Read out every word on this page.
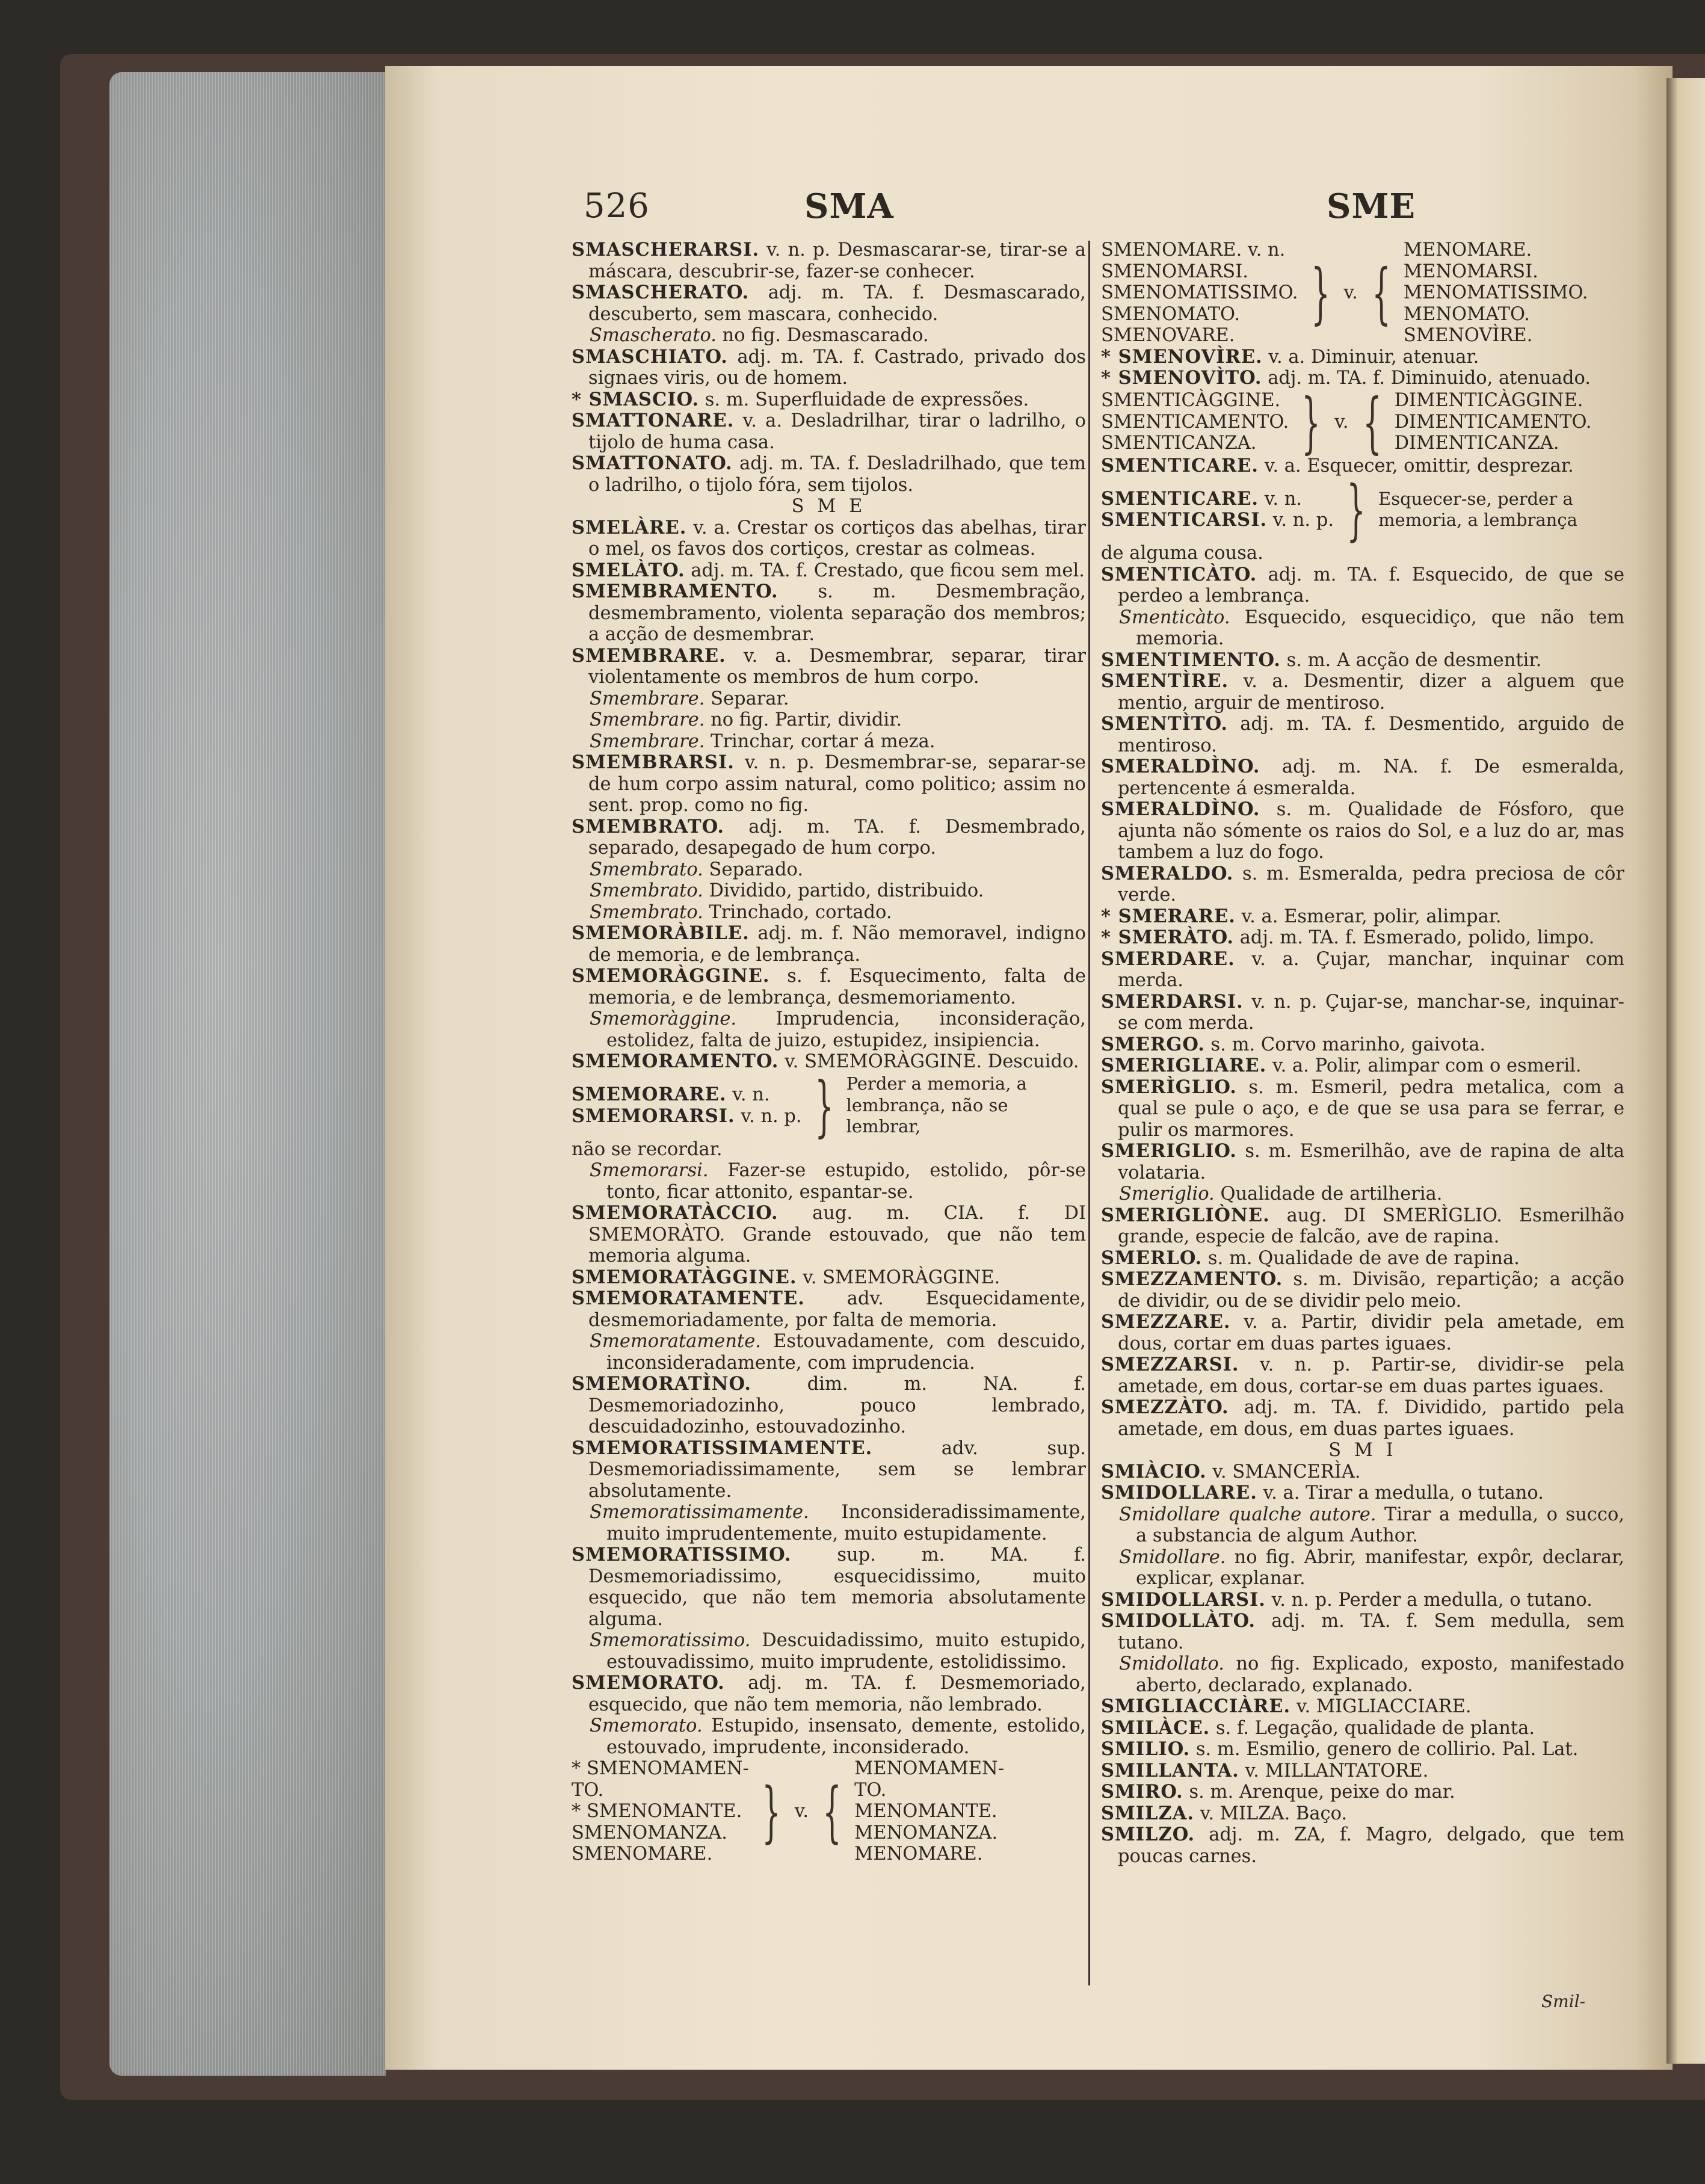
526	SMA	SME

SMASCHERARSI. v. n. p. Desmascarar-se, tirar-se a máscara, descubrir-se, fazer-se conhecer.

SMASCHERATO. adj. m. TA. f. Desmascarado, descuberto, sem mascara, conhecido.

Smascherato. no fig. Desmascarado.

SMASCHIATO. adj. m. TA. f. Castrado, privado dos signaes viris, ou de homem.

* SMASCIO. s. m. Superfluidade de expressões.

SMATTONARE. v. a. Desladrilhar, tirar o ladrilho, o tijolo de huma casa.

SMATTONATO. adj. m. TA. f. Desladrilhado, que tem o ladrilho, o tijolo fóra, sem tijolos.

S M E

SMELÀRE. v. a. Crestar os cortiços das abelhas, tirar o mel, os favos dos cortiços, crestar as colmeas.

SMELÀTO. adj. m. TA. f. Crestado, que ficou sem mel.

SMEMBRAMENTO. s. m. Desmembração, desmembramento, violenta separação dos membros; a acção de desmembrar.

SMEMBRARE. v. a. Desmembrar, separar, tirar violentamente os membros de hum corpo.

Smembrare. Separar.

Smembrare. no fig. Partir, dividir.

Smembrare. Trinchar, cortar á meza.

SMEMBRARSI. v. n. p. Desmembrar-se, separar-se de hum corpo assim natural, como politico; assim no sent. prop. como no fig.

SMEMBRATO. adj. m. TA. f. Desmembrado, separado, desapegado de hum corpo.

Smembrato. Separado.

Smembrato. Dividido, partido, distribuido.

Smembrato. Trinchado, cortado.

SMEMORÀBILE. adj. m. f. Não memoravel, indigno de memoria, e de lembrança.

SMEMORÀGGINE. s. f. Esquecimento, falta de memoria, e de lembrança, desmemoriamento.

Smemoràggine. Imprudencia, inconsideração, estolidez, falta de juizo, estupidez, insipiencia.

SMEMORAMENTO. v. SMEMORÀGGINE. Descuido.

SMEMORARE. v. n.
SMEMORARSI. v. n. p. } Perder a memoria, a lembrança, não se lembrar,

não se recordar.

Smemorarsi. Fazer-se estupido, estolido, pôr-se tonto, ficar attonito, espantar-se.

SMEMORATÀCCIO. aug. m. CIA. f. DI SMEMORÀTO. Grande estouvado, que não tem memoria alguma.

SMEMORATÀGGINE. v. SMEMORÀGGINE.

SMEMORATAMENTE. adv. Esquecidamente, desmemoriadamente, por falta de memoria.

Smemoratamente. Estouvadamente, com descuido, inconsideradamente, com imprudencia.

SMEMORATÌNO. dim. m. NA. f. Desmemoriadozinho, pouco lembrado, descuidadozinho, estouvadozinho.

SMEMORATISSIMAMENTE. adv. sup. Desmemoriadissimamente, sem se lembrar absolutamente.

Smemoratissimamente. Inconsideradissimamente, muito imprudentemente, muito estupidamente.

SMEMORATISSIMO. sup. m. MA. f. Desmemoriadissimo, esquecidissimo, muito esquecido, que não tem memoria absolutamente alguma.

Smemoratissimo. Descuidadissimo, muito estupido, estouvadissimo, muito imprudente, estolidissimo.

SMEMORATO. adj. m. TA. f. Desmemoriado, esquecido, que não tem memoria, não lembrado.

Smemorato. Estupido, insensato, demente, estolido, estouvado, imprudente, inconsiderado.

* SMENOMAMEN-
TO.
* SMENOMANTE.
SMENOMANZA.
SMENOMARE.
} v. {
MENOMAMEN-
TO.
MENOMANTE.
MENOMANZA.
MENOMARE.
SMENOMARE. v. n.
SMENOMARSI.
SMENOMATISSIMO.
SMENOMATO.
SMENOVARE.
} v. {
MENOMARE.
MENOMARSI.
MENOMATISSIMO.
MENOMATO.
SMENOVÌRE.

* SMENOVÌRE. v. a. Diminuir, atenuar.

* SMENOVÌTO. adj. m. TA. f. Diminuido, atenuado.

SMENTICÀGGINE.
SMENTICAMENTO.
SMENTICANZA. } v. { DIMENTICÀGGINE.
DIMENTICAMENTO.
DIMENTICANZA.

SMENTICARE. v. a. Esquecer, omittir, desprezar.

SMENTICARE. v. n.
SMENTICARSI. v. n. p. } Esquecer-se, perder a memoria, a lembrança

de alguma cousa.

SMENTICÀTO. adj. m. TA. f. Esquecido, de que se perdeo a lembrança.

Smenticàto. Esquecido, esquecidiço, que não tem memoria.

SMENTIMENTO. s. m. A acção de desmentir.

SMENTÌRE. v. a. Desmentir, dizer a alguem que mentio, arguir de mentiroso.

SMENTÌTO. adj. m. TA. f. Desmentido, arguido de mentiroso.

SMERALDÌNO. adj. m. NA. f. De esmeralda, pertencente á esmeralda.

SMERALDÌNO. s. m. Qualidade de Fósforo, que ajunta não sómente os raios do Sol, e a luz do ar, mas tambem a luz do fogo.

SMERALDO. s. m. Esmeralda, pedra preciosa de côr verde.

* SMERARE. v. a. Esmerar, polir, alimpar.

* SMERÀTO. adj. m. TA. f. Esmerado, polido, limpo.

SMERDARE. v. a. Çujar, manchar, inquinar com merda.

SMERDARSI. v. n. p. Çujar-se, manchar-se, inquinar-se com merda.

SMERGO. s. m. Corvo marinho, gaivota.

SMERIGLIARE. v. a. Polir, alimpar com o esmeril.

SMERÌGLIO. s. m. Esmeril, pedra metalica, com a qual se pule o aço, e de que se usa para se ferrar, e pulir os marmores.

SMERIGLIO. s. m. Esmerilhão, ave de rapina de alta volataria.

Smeriglio. Qualidade de artilheria.

SMERIGLIÒNE. aug. DI SMERÌGLIO. Esmerilhão grande, especie de falcão, ave de rapina.

SMERLO. s. m. Qualidade de ave de rapina.

SMEZZAMENTO. s. m. Divisão, repartição; a acção de dividir, ou de se dividir pelo meio.

SMEZZARE. v. a. Partir, dividir pela ametade, em dous, cortar em duas partes iguaes.

SMEZZARSI. v. n. p. Partir-se, dividir-se pela ametade, em dous, cortar-se em duas partes iguaes.

SMEZZÀTO. adj. m. TA. f. Dividido, partido pela ametade, em dous, em duas partes iguaes.

S M I

SMIÀCIO. v. SMANCERÌA.

SMIDOLLARE. v. a. Tirar a medulla, o tutano.

Smidollare qualche autore. Tirar a medulla, o succo, a substancia de algum Author.

Smidollare. no fig. Abrir, manifestar, expôr, declarar, explicar, explanar.

SMIDOLLARSI. v. n. p. Perder a medulla, o tutano.

SMIDOLLÀTO. adj. m. TA. f. Sem medulla, sem tutano.

Smidollato. no fig. Explicado, exposto, manifestado aberto, declarado, explanado.

SMIGLIACCIÀRE. v. MIGLIACCIARE.

SMILÀCE. s. f. Legação, qualidade de planta.

SMILIO. s. m. Esmilio, genero de collirio. Pal. Lat.

SMILLANTA. v. MILLANTATORE.

SMIRO. s. m. Arenque, peixe do mar.

SMILZA. v. MILZA. Baço.

SMILZO. adj. m. ZA, f. Magro, delgado, que tem poucas carnes.

Smil-
